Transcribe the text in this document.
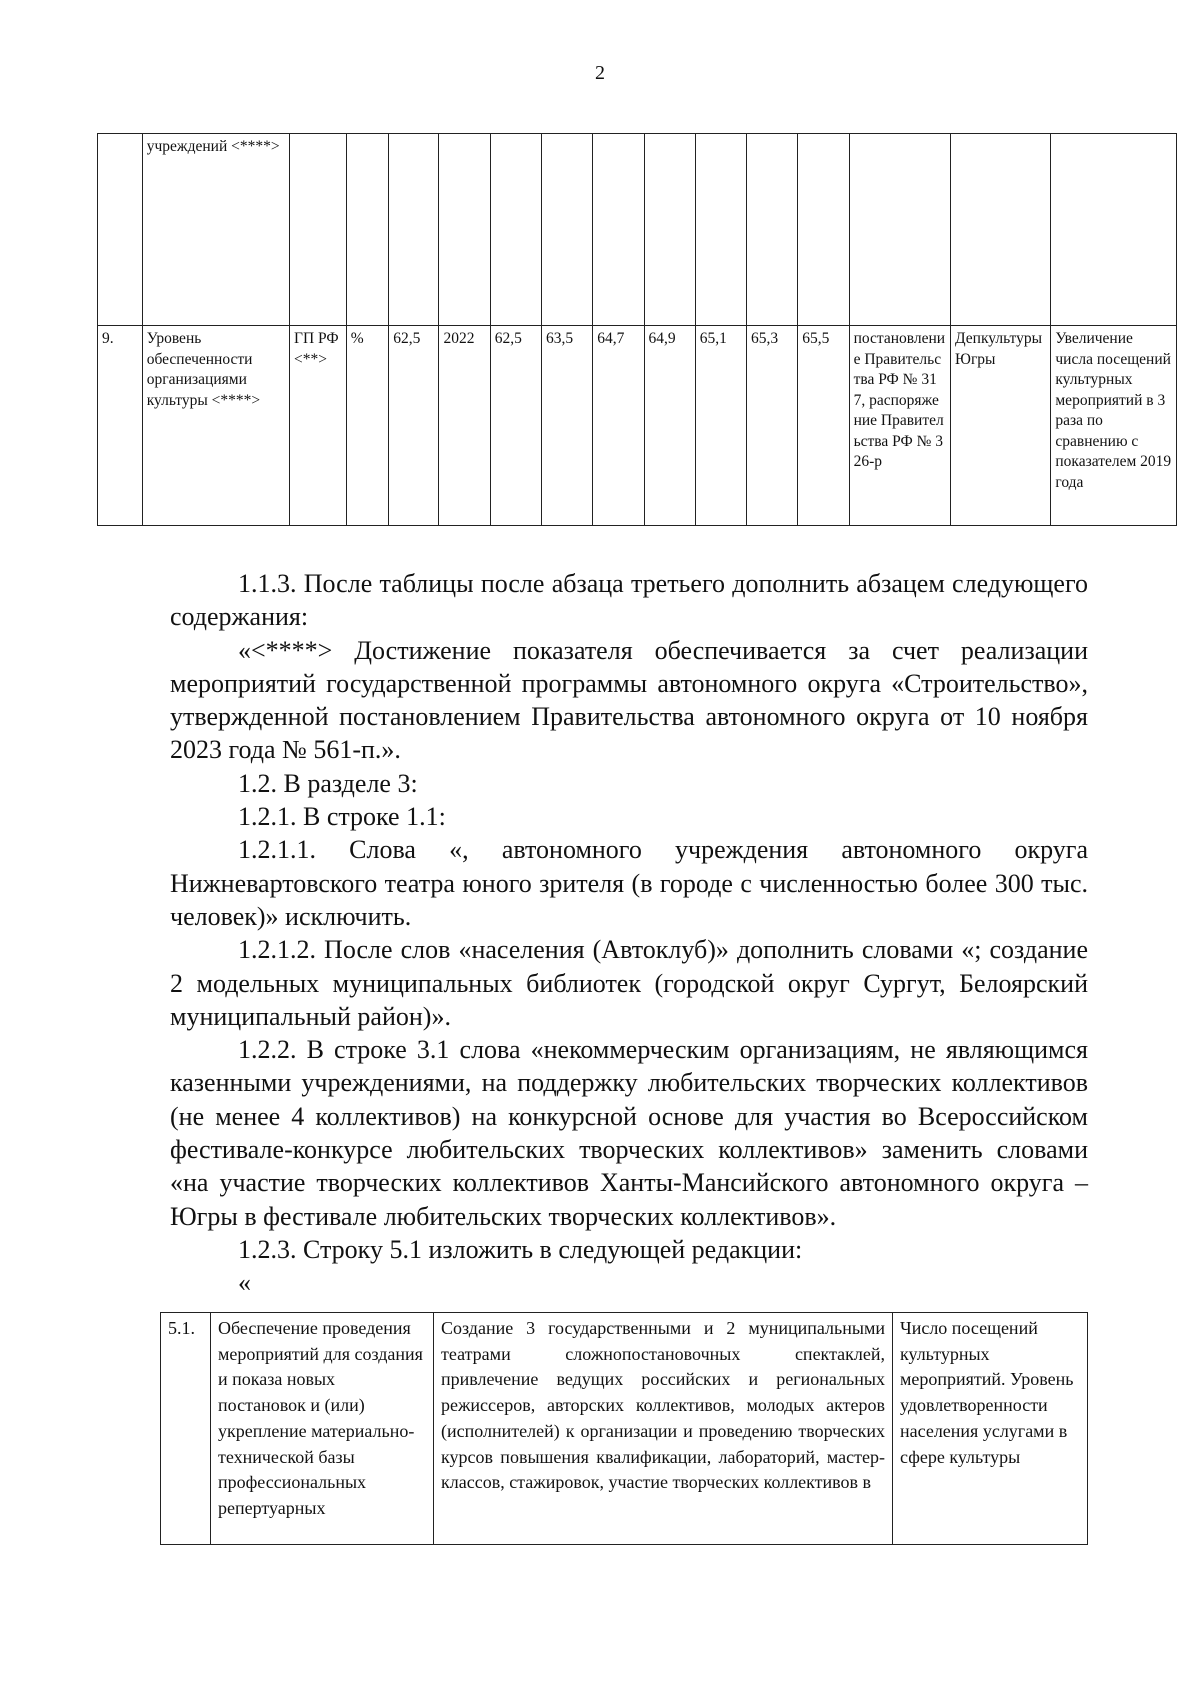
2
	учреждений <****>														
9.	Уровень обеспеченности организациями культуры <****>	ГП РФ <**>	%	62,5	2022	62,5	63,5	64,7	64,9	65,1	65,3	65,5	постановление Правительства РФ № 317, распоряжение Правительства РФ № 326-р	Депкультуры Югры	Увеличение числа посещений культурных мероприятий в 3 раза по сравнению с показателем 2019 года

1.1.3. После таблицы после абзаца третьего дополнить абзацем следующего содержания:

«<****> Достижение показателя обеспечивается за счет реализации мероприятий государственной программы автономного округа «Строительство», утвержденной постановлением Правительства автономного округа от 10 ноября 2023 года № 561-п.».

1.2. В разделе 3:

1.2.1. В строке 1.1:

1.2.1.1. Слова «, автономного учреждения автономного округа Нижневартовского театра юного зрителя (в городе с численностью более 300 тыс. человек)» исключить.

1.2.1.2. После слов «населения (Автоклуб)» дополнить словами «; создание 2 модельных муниципальных библиотек (городской округ Сургут, Белоярский муниципальный район)».

1.2.2. В строке 3.1 слова «некоммерческим организациям, не являющимся казенными учреждениями, на поддержку любительских творческих коллективов (не менее 4 коллективов) на конкурсной основе для участия во Всероссийском фестивале-конкурсе любительских творческих коллективов» заменить словами «на участие творческих коллективов Ханты-Мансийского автономного округа – Югры в фестивале любительских творческих коллективов».

1.2.3. Строку 5.1 изложить в следующей редакции:

«

5.1.	Обеспечение проведения мероприятий для создания и показа новых постановок и (или) укрепление материально-технической базы профессиональных репертуарных	Создание 3 государственными и 2 муниципальными театрами сложнопостановочных спектаклей, привлечение ведущих российских и региональных режиссеров, авторских коллективов, молодых актеров (исполнителей) к организации и проведению творческих курсов повышения квалификации, лабораторий, мастер-классов, стажировок, участие творческих коллективов в	Число посещений культурных мероприятий. Уровень удовлетворенности населения услугами в сфере культуры
